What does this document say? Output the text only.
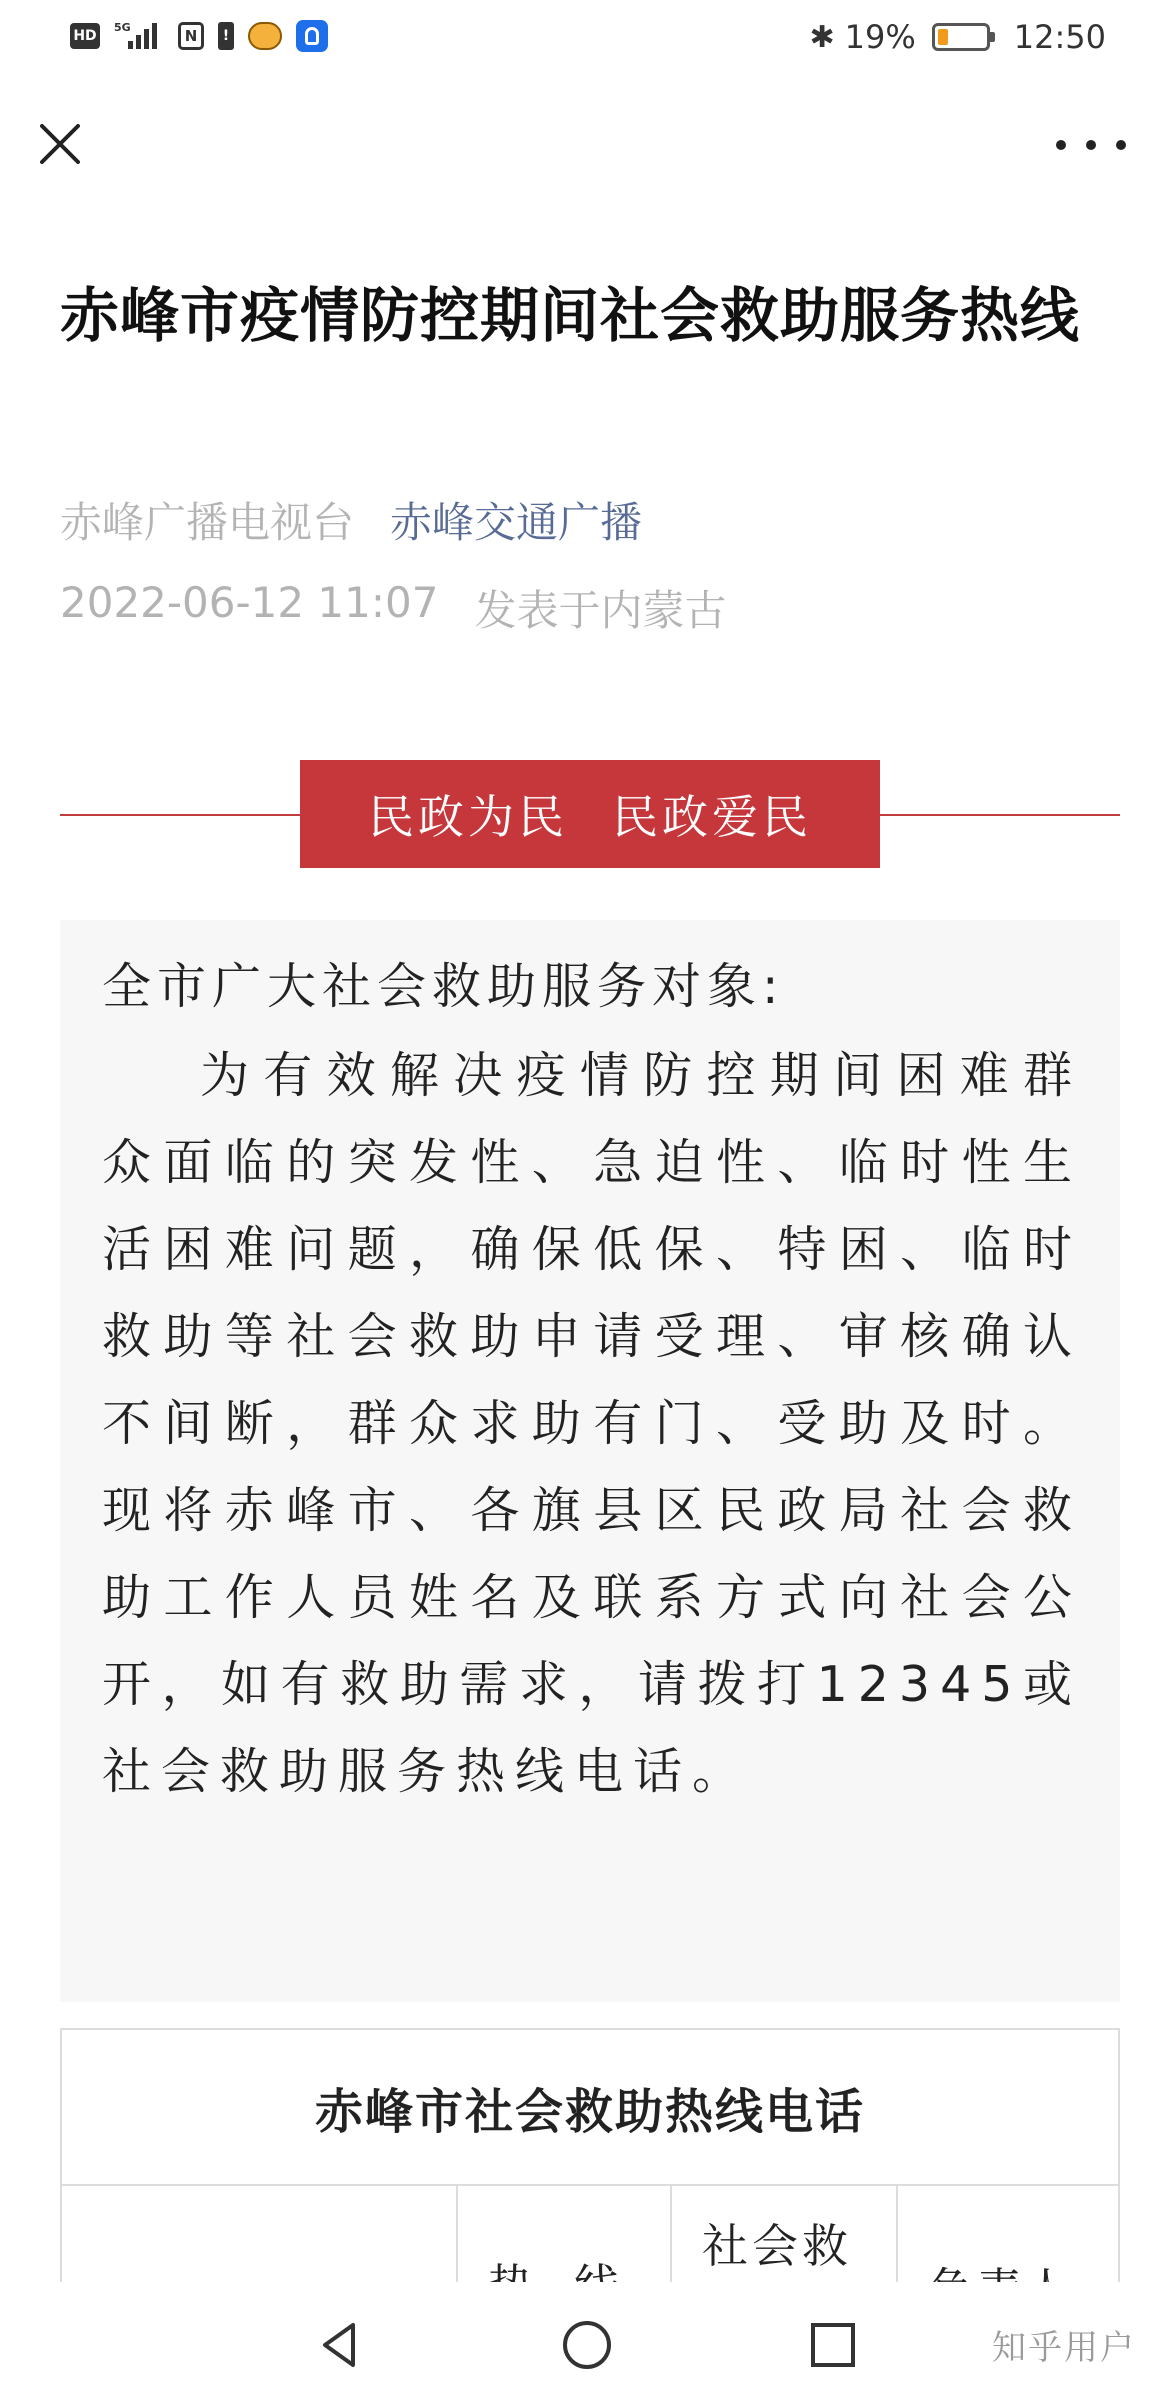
HD
5G	N	!	✱ 19%	12:50
赤峰市疫情防控期间社会救助服务热线
赤峰广播电视台 赤峰交通广播
2022-06-12 11:07 发表于内蒙古
民政为民 民政爱民

全市广大社会救助服务对象:

为有效解决疫情防控期间困难群众面临的突发性、急迫性、临时性生活困难问题，确保低保、特困、临时救助等社会救助申请受理、审核确认不间断，群众求助有门、受助及时。现将赤峰市、各旗县区民政局社会救助工作人员姓名及联系方式向社会公开，如有救助需求，请拨打12345或社会救助服务热线电话。

赤峰市社会救助热线电话
社会救
知乎用户
